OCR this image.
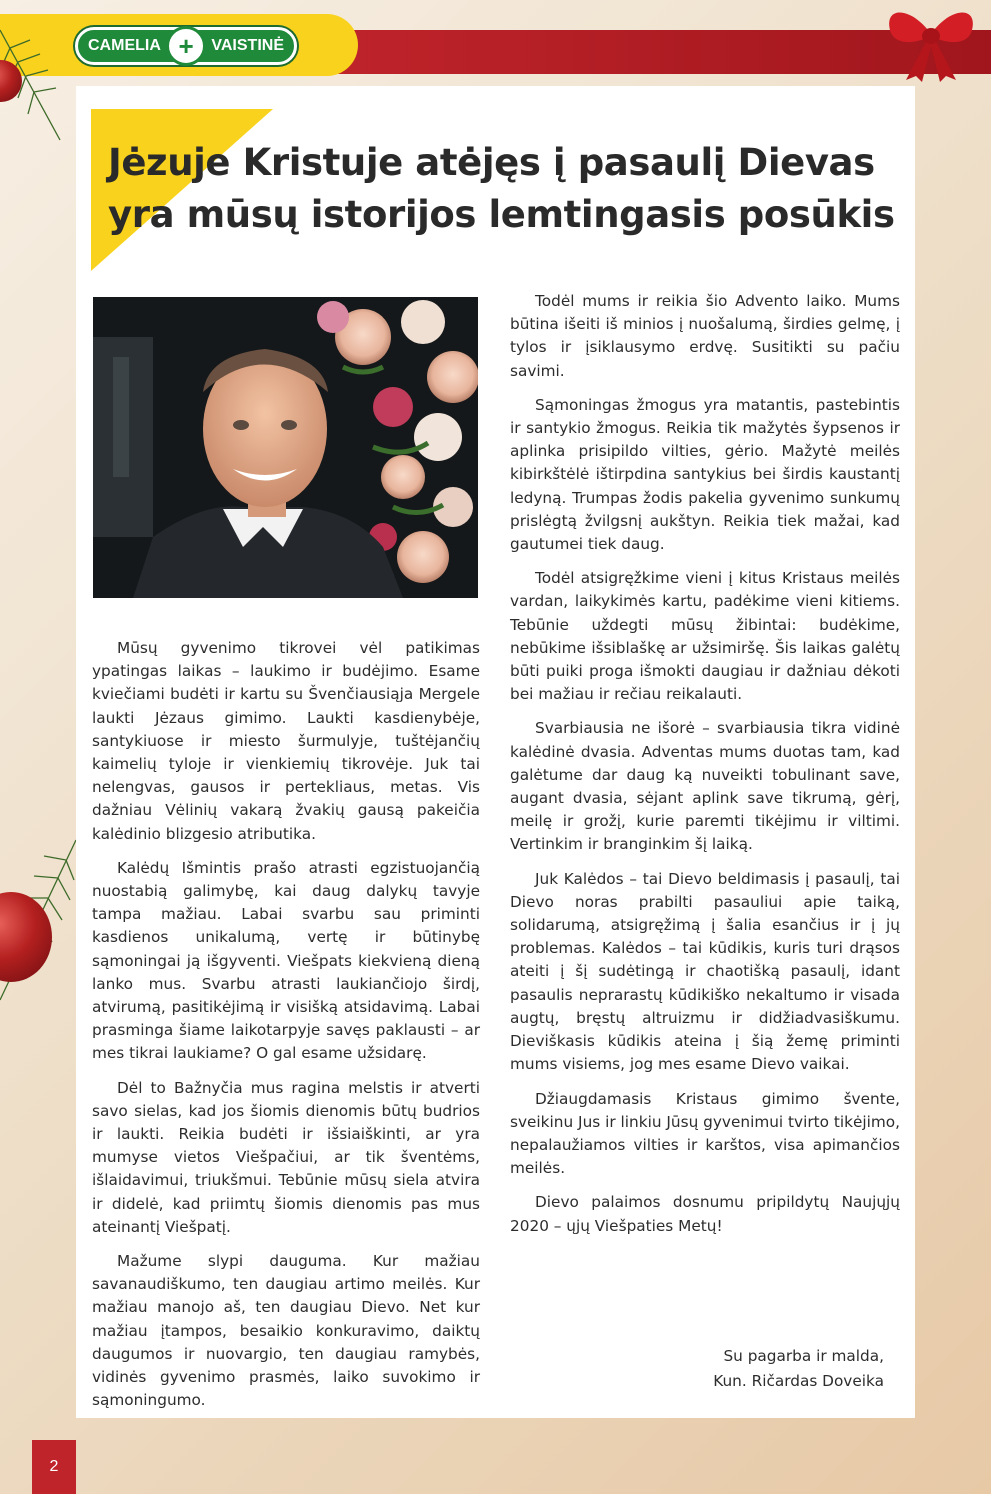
CAMELIA +	VAISTINĖ
Jėzuje Kristuje atėjęs į pasaulį Dievas yra mūsų istorijos lemtingasis posūkis

Mūsų gyvenimo tikrovei vėl patikimas ypatingas laikas – laukimo ir budėjimo. Esame kviečiami budėti ir kartu su Švenčiausiąja Mergele laukti Jėzaus gimimo. Laukti kasdienybėje, santykiuose ir miesto šurmulyje, tuštėjančių kaimelių tyloje ir vienkiemių tikrovėje. Juk tai nelengvas, gausos ir pertekliaus, metas. Vis dažniau Vėlinių vakarą žvakių gausą pakeičia kalėdinio blizgesio atributika.

Kalėdų Išmintis prašo atrasti egzistuojančią nuostabią galimybę, kai daug dalykų tavyje tampa mažiau. Labai svarbu sau priminti kasdienos unikalumą, vertę ir būtinybę sąmoningai ją išgyventi. Viešpats kiekvieną dieną lanko mus. Svarbu atrasti laukiančiojo širdį, atvirumą, pasitikėjimą ir visišką atsidavimą. Labai prasminga šiame laikotarpyje savęs paklausti – ar mes tikrai laukiame? O gal esame užsidarę.

Dėl to Bažnyčia mus ragina melstis ir atverti savo sielas, kad jos šiomis dienomis būtų budrios ir laukti. Reikia budėti ir išsiaiškinti, ar yra mumyse vietos Viešpačiui, ar tik šventėms, išlaidavimui, triukšmui. Tebūnie mūsų siela atvira ir didelė, kad priimtų šiomis dienomis pas mus ateinantį Viešpatį.

Mažume slypi dauguma. Kur mažiau savanaudiškumo, ten daugiau artimo meilės. Kur mažiau manojo aš, ten daugiau Dievo. Net kur mažiau įtampos, besaikio konkuravimo, daiktų daugumos ir nuovargio, ten daugiau ramybės, vidinės gyvenimo prasmės, laiko suvokimo ir sąmoningumo.

Todėl mums ir reikia šio Advento laiko. Mums būtina išeiti iš minios į nuošalumą, širdies gelmę, į tylos ir įsiklausymo erdvę. Susitikti su pačiu savimi.

Sąmoningas žmogus yra matantis, pastebintis ir santykio žmogus. Reikia tik mažytės šypsenos ir aplinka prisipildo vilties, gėrio. Mažytė meilės kibirkštėlė ištirpdina santykius bei širdis kaustantį ledyną. Trumpas žodis pakelia gyvenimo sunkumų prislėgtą žvilgsnį aukštyn. Reikia tiek mažai, kad gautumei tiek daug.

Todėl atsigręžkime vieni į kitus Kristaus meilės vardan, laikykimės kartu, padėkime vieni kitiems. Tebūnie uždegti mūsų žibintai: budėkime, nebūkime išsiblaškę ar užsimiršę. Šis laikas galėtų būti puiki proga išmokti daugiau ir dažniau dėkoti bei mažiau ir rečiau reikalauti.

Svarbiausia ne išorė – svarbiausia tikra vidinė kalėdinė dvasia. Adventas mums duotas tam, kad galėtume dar daug ką nuveikti tobulinant save, augant dvasia, sėjant aplink save tikrumą, gėrį, meilę ir grožį, kurie paremti tikėjimu ir viltimi. Vertinkim ir branginkim šį laiką.

Juk Kalėdos – tai Dievo beldimasis į pasaulį, tai Dievo noras prabilti pasauliui apie taiką, solidarumą, atsigręžimą į šalia esančius ir į jų problemas. Kalėdos – tai kūdikis, kuris turi drąsos ateiti į šį sudėtingą ir chaotišką pasaulį, idant pasaulis neprarastų kūdikiško nekaltumo ir visada augtų, bręstų altruizmu ir didžiadvasiškumu. Dieviškasis kūdikis ateina į šią žemę priminti mums visiems, jog mes esame Dievo vaikai.

Džiaugdamasis Kristaus gimimo švente, sveikinu Jus ir linkiu Jūsų gyvenimui tvirto tikėjimo, nepalaužiamos vilties ir karštos, visa apimančios meilės.

Dievo palaimos dosnumu pripildytų Naujųjų 2020 – ųjų Viešpaties Metų!

Su pagarba ir malda,
Kun. Ričardas Doveika
2
